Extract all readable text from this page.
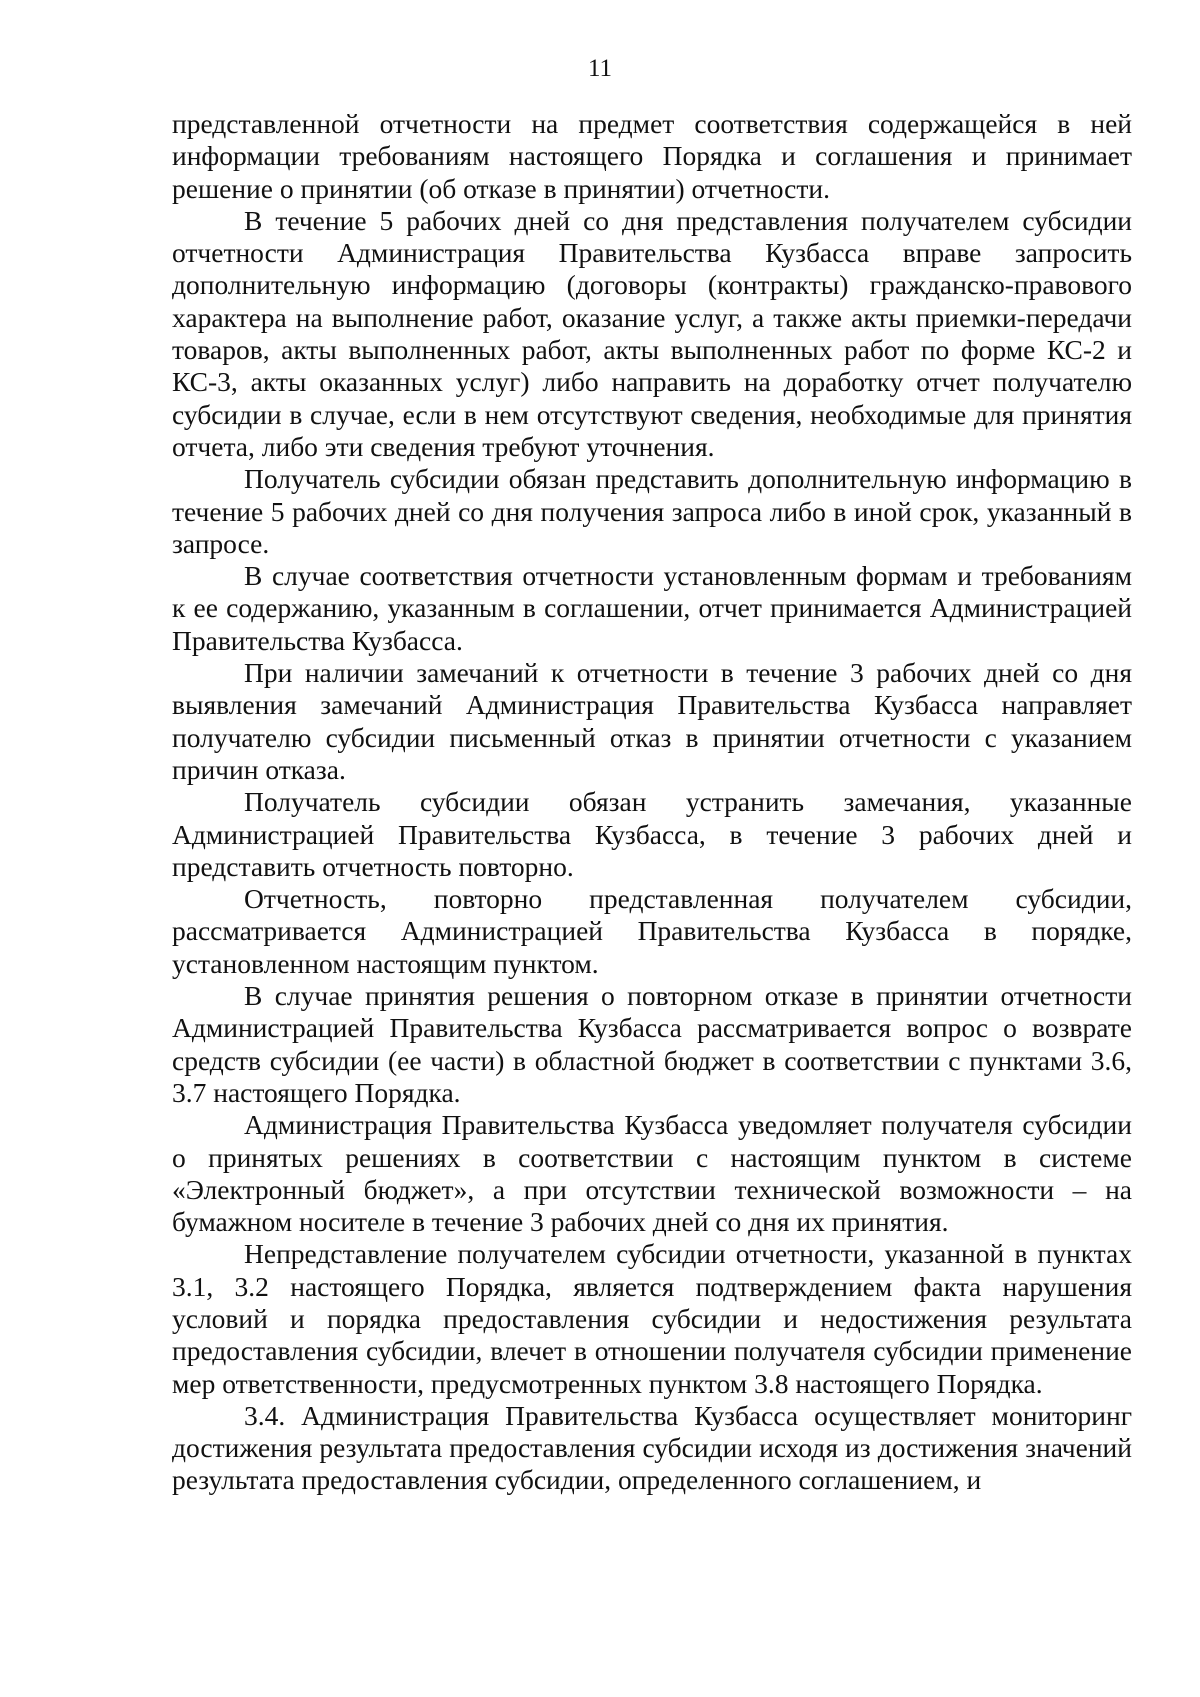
11

представленной отчетности на предмет соответствия содержащейся в ней информации требованиям настоящего Порядка и соглашения и принимает решение о принятии (об отказе в принятии) отчетности.

В течение 5 рабочих дней со дня представления получателем субсидии отчетности Администрация Правительства Кузбасса вправе запросить дополнительную информацию (договоры (контракты) гражданско-правового характера на выполнение работ, оказание услуг, а также акты приемки-передачи товаров, акты выполненных работ, акты выполненных работ по форме КС-2 и КС-3, акты оказанных услуг) либо направить на доработку отчет получателю субсидии в случае, если в нем отсутствуют сведения, необходимые для принятия отчета, либо эти сведения требуют уточнения.

Получатель субсидии обязан представить дополнительную информацию в течение 5 рабочих дней со дня получения запроса либо в иной срок, указанный в запросе.

В случае соответствия отчетности установленным формам и требованиям к ее содержанию, указанным в соглашении, отчет принимается Администрацией Правительства Кузбасса.

При наличии замечаний к отчетности в течение 3 рабочих дней со дня выявления замечаний Администрация Правительства Кузбасса направляет получателю субсидии письменный отказ в принятии отчетности с указанием причин отказа.

Получатель субсидии обязан устранить замечания, указанные Администрацией Правительства Кузбасса, в течение 3 рабочих дней и представить отчетность повторно.

Отчетность, повторно представленная получателем субсидии, рассматривается Администрацией Правительства Кузбасса в порядке, установленном настоящим пунктом.

В случае принятия решения о повторном отказе в принятии отчетности Администрацией Правительства Кузбасса рассматривается вопрос о возврате средств субсидии (ее части) в областной бюджет в соответствии с пунктами 3.6, 3.7 настоящего Порядка.

Администрация Правительства Кузбасса уведомляет получателя субсидии о принятых решениях в соответствии с настоящим пунктом в системе «Электронный бюджет», а при отсутствии технической возможности – на бумажном носителе в течение 3 рабочих дней со дня их принятия.

Непредставление получателем субсидии отчетности, указанной в пунктах 3.1, 3.2 настоящего Порядка, является подтверждением факта нарушения условий и порядка предоставления субсидии и недостижения результата предоставления субсидии, влечет в отношении получателя субсидии применение мер ответственности, предусмотренных пунктом 3.8 настоящего Порядка.

3.4. Администрация Правительства Кузбасса осуществляет мониторинг достижения результата предоставления субсидии исходя из достижения значений результата предоставления субсидии, определенного соглашением, и
